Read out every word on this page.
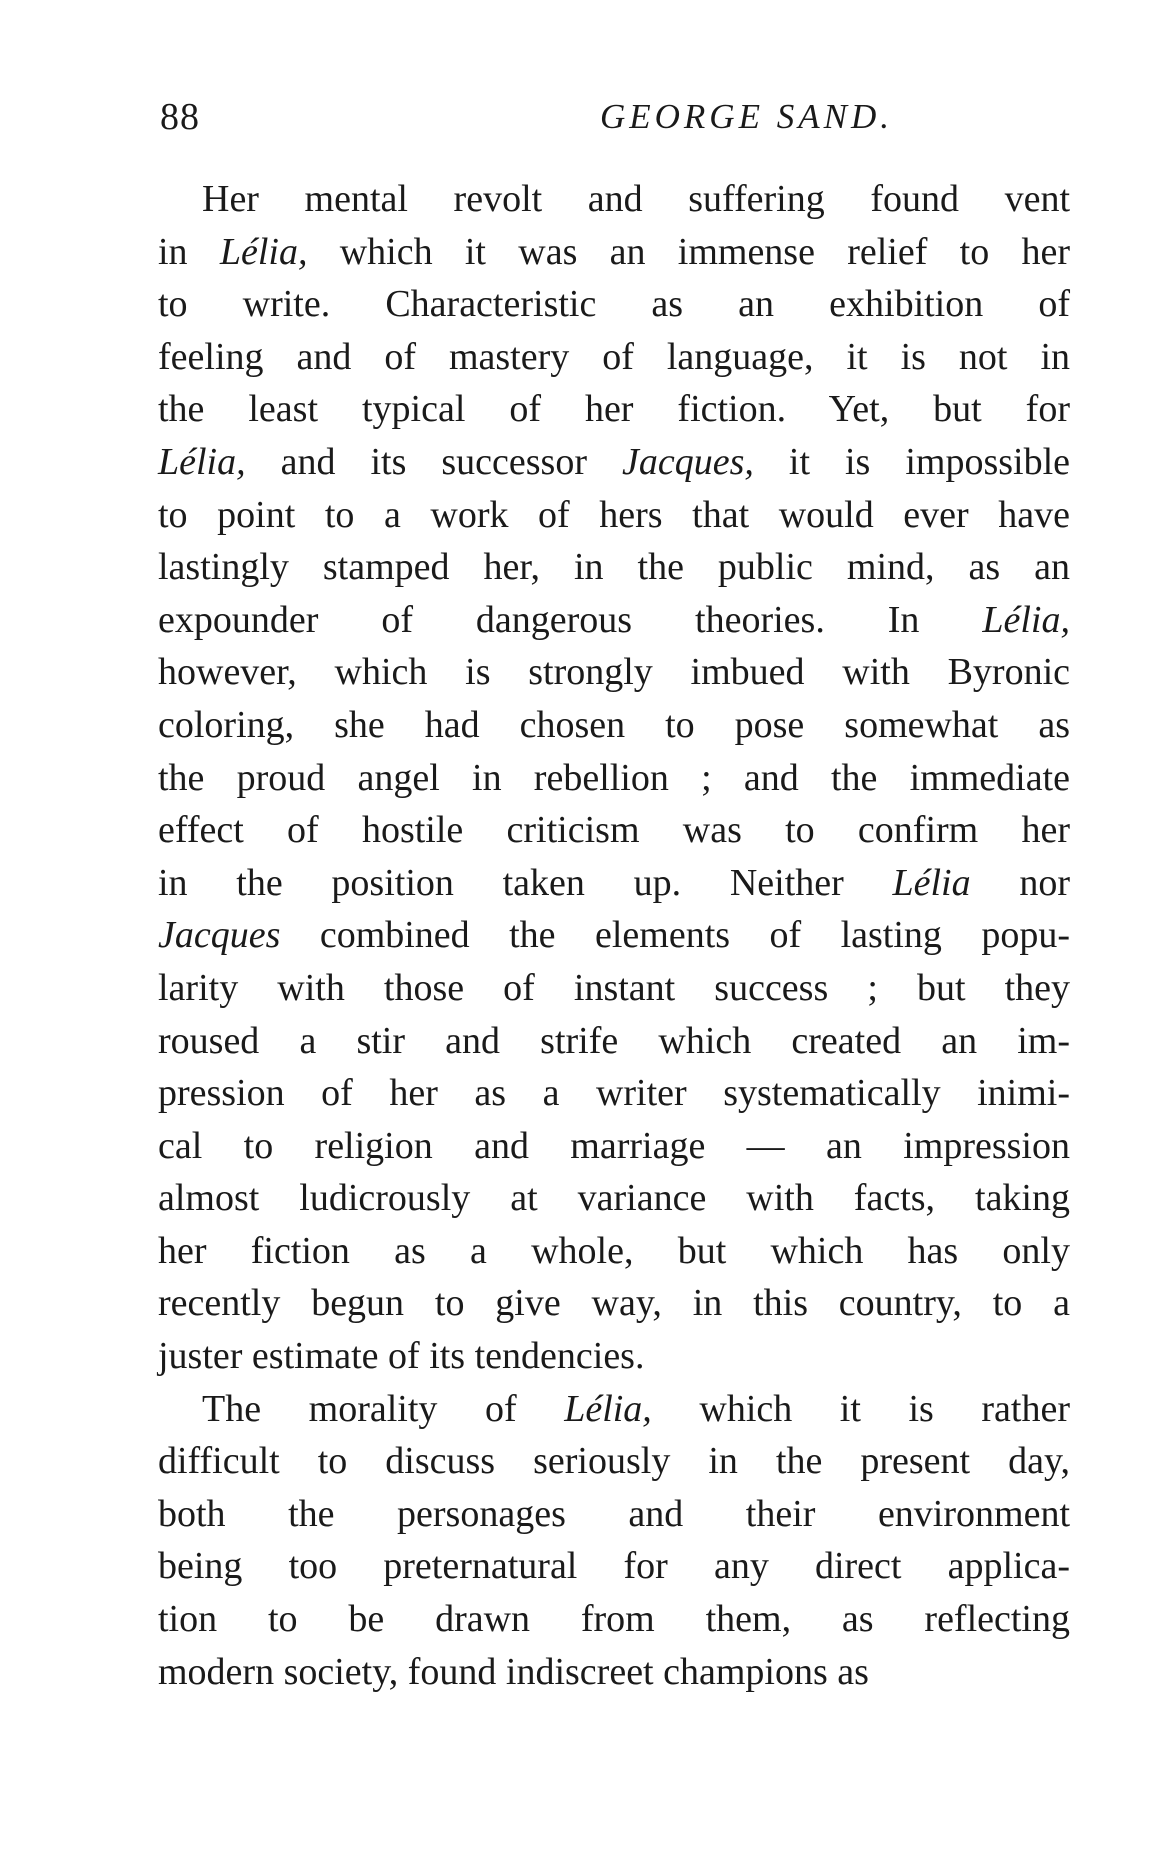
88	GEORGE SAND.
Her mental revolt and suffering found vent
in Lélia, which it was an immense relief to her
to write. Characteristic as an exhibition of
feeling and of mastery of language, it is not in
the least typical of her fiction. Yet, but for
Lélia, and its successor Jacques, it is impossible
to point to a work of hers that would ever have
lastingly stamped her, in the public mind, as an
expounder of dangerous theories. In Lélia,
however, which is strongly imbued with Byronic
coloring, she had chosen to pose somewhat as
the proud angel in rebellion ; and the immediate
effect of hostile criticism was to confirm her
in the position taken up. Neither Lélia nor
Jacques combined the elements of lasting popu-
larity with those of instant success ; but they
roused a stir and strife which created an im-
pression of her as a writer systematically inimi-
cal to religion and marriage — an impression
almost ludicrously at variance with facts, taking
her fiction as a whole, but which has only
recently begun to give way, in this country, to a
juster estimate of its tendencies.
The morality of Lélia, which it is rather
difficult to discuss seriously in the present day,
both the personages and their environment
being too preternatural for any direct applica-
tion to be drawn from them, as reflecting
modern society, found indiscreet champions as
